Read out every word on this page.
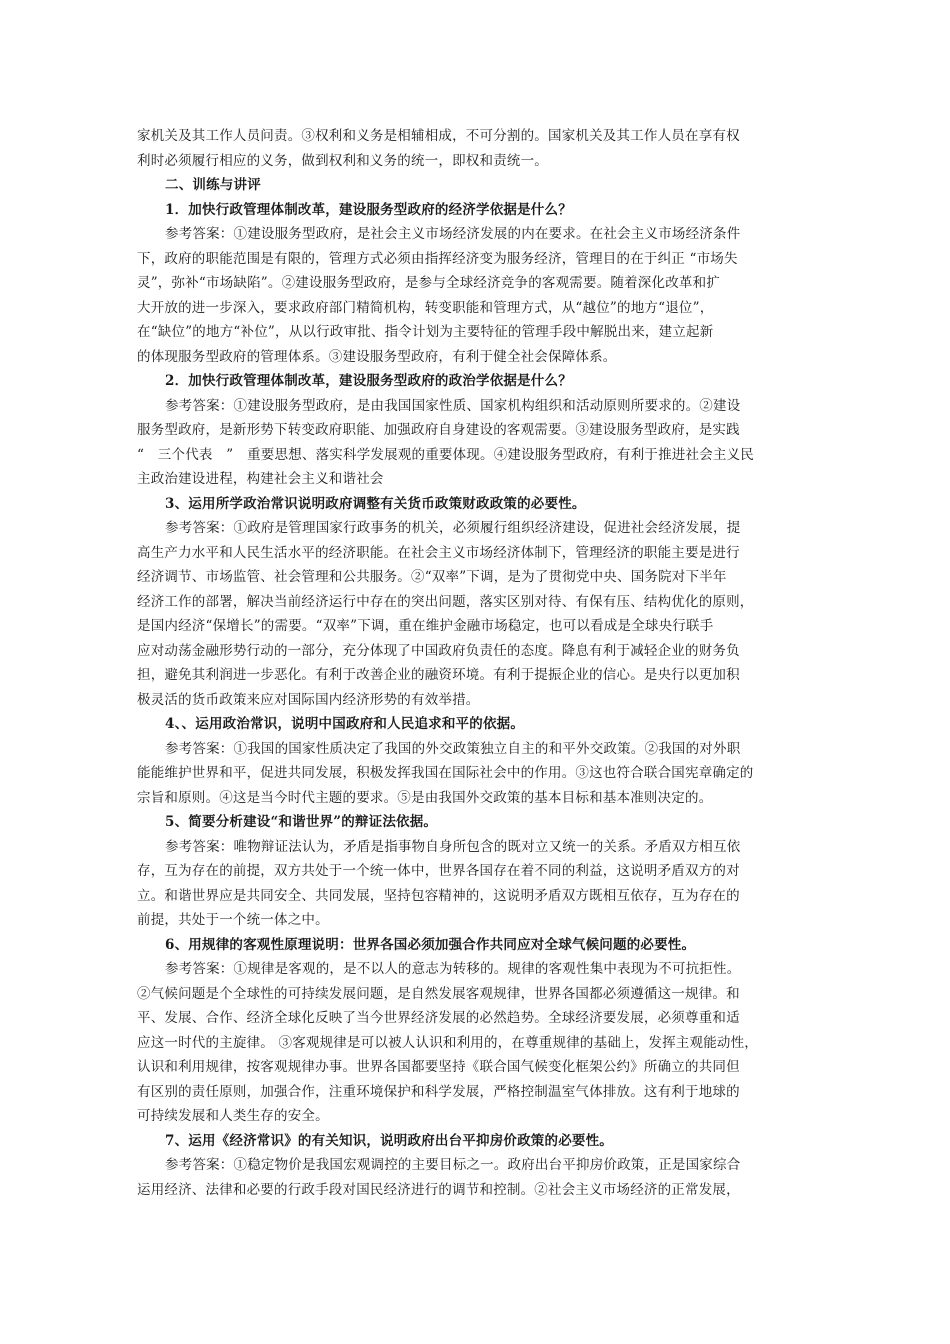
家机关及其工作人员问责。③权利和义务是相辅相成，不可分割的。国家机关及其工作人员在享有权
利时必须履行相应的义务，做到权利和义务的统一，即权和责统一。
二、训练与讲评
1．加快行政管理体制改革，建设服务型政府的经济学依据是什么？
参考答案：①建设服务型政府，是社会主义市场经济发展的内在要求。在社会主义市场经济条件
下，政府的职能范围是有限的，管理方式必须由指挥经济变为服务经济，管理目的在于纠正 “市场失
灵”，弥补“市场缺陷”。②建设服务型政府，是参与全球经济竞争的客观需要。随着深化改革和扩
大开放的进一步深入，要求政府部门精简机构，转变职能和管理方式，从“越位”的地方“退位”，
在“缺位”的地方“补位”，从以行政审批、指令计划为主要特征的管理手段中解脱出来，建立起新
的体现服务型政府的管理体系。③建设服务型政府，有利于健全社会保障体系。
2．加快行政管理体制改革，建设服务型政府的政治学依据是什么？
参考答案：①建设服务型政府，是由我国国家性质、国家机构组织和活动原则所要求的。②建设
服务型政府，是新形势下转变政府职能、加强政府自身建设的客观需要。③建设服务型政府，是实践
“　三个代表　”　重要思想、落实科学发展观的重要体现。④建设服务型政府，有利于推进社会主义民
主政治建设进程，构建社会主义和谐社会
3、运用所学政治常识说明政府调整有关货币政策财政政策的必要性。
参考答案：①政府是管理国家行政事务的机关，必须履行组织经济建设，促进社会经济发展，提
高生产力水平和人民生活水平的经济职能。在社会主义市场经济体制下，管理经济的职能主要是进行
经济调节、市场监管、社会管理和公共服务。②“双率”下调，是为了贯彻党中央、国务院对下半年
经济工作的部署，解决当前经济运行中存在的突出问题，落实区别对待、有保有压、结构优化的原则，
是国内经济“保增长”的需要。“双率”下调，重在维护金融市场稳定，也可以看成是全球央行联手
应对动荡金融形势行动的一部分，充分体现了中国政府负责任的态度。降息有利于减轻企业的财务负
担，避免其利润进一步恶化。有利于改善企业的融资环境。有利于提振企业的信心。是央行以更加积
极灵活的货币政策来应对国际国内经济形势的有效举措。
4、、运用政治常识，说明中国政府和人民追求和平的依据。
参考答案：①我国的国家性质决定了我国的外交政策独立自主的和平外交政策。②我国的对外职
能能维护世界和平，促进共同发展，积极发挥我国在国际社会中的作用。③这也符合联合国宪章确定的
宗旨和原则。④这是当今时代主题的要求。⑤是由我国外交政策的基本目标和基本准则决定的。
5、简要分析建设“和谐世界”的辩证法依据。
参考答案：唯物辩证法认为，矛盾是指事物自身所包含的既对立又统一的关系。矛盾双方相互依
存，互为存在的前提，双方共处于一个统一体中，世界各国存在着不同的利益，这说明矛盾双方的对
立。和谐世界应是共同安全、共同发展，坚持包容精神的，这说明矛盾双方既相互依存，互为存在的
前提，共处于一个统一体之中。
6、用规律的客观性原理说明：世界各国必须加强合作共同应对全球气候问题的必要性。
参考答案：①规律是客观的，是不以人的意志为转移的。规律的客观性集中表现为不可抗拒性。
②气候问题是个全球性的可持续发展问题，是自然发展客观规律，世界各国都必须遵循这一规律。和
平、发展、合作、经济全球化反映了当今世界经济发展的必然趋势。全球经济要发展，必须尊重和适
应这一时代的主旋律。 ③客观规律是可以被人认识和利用的，在尊重规律的基础上，发挥主观能动性，
认识和利用规律，按客观规律办事。世界各国都要坚持《联合国气候变化框架公约》所确立的共同但
有区别的责任原则，加强合作，注重环境保护和科学发展，严格控制温室气体排放。这有利于地球的
可持续发展和人类生存的安全。
7、运用《经济常识》的有关知识，说明政府出台平抑房价政策的必要性。
参考答案：①稳定物价是我国宏观调控的主要目标之一。政府出台平抑房价政策，正是国家综合
运用经济、法律和必要的行政手段对国民经济进行的调节和控制。②社会主义市场经济的正常发展，
